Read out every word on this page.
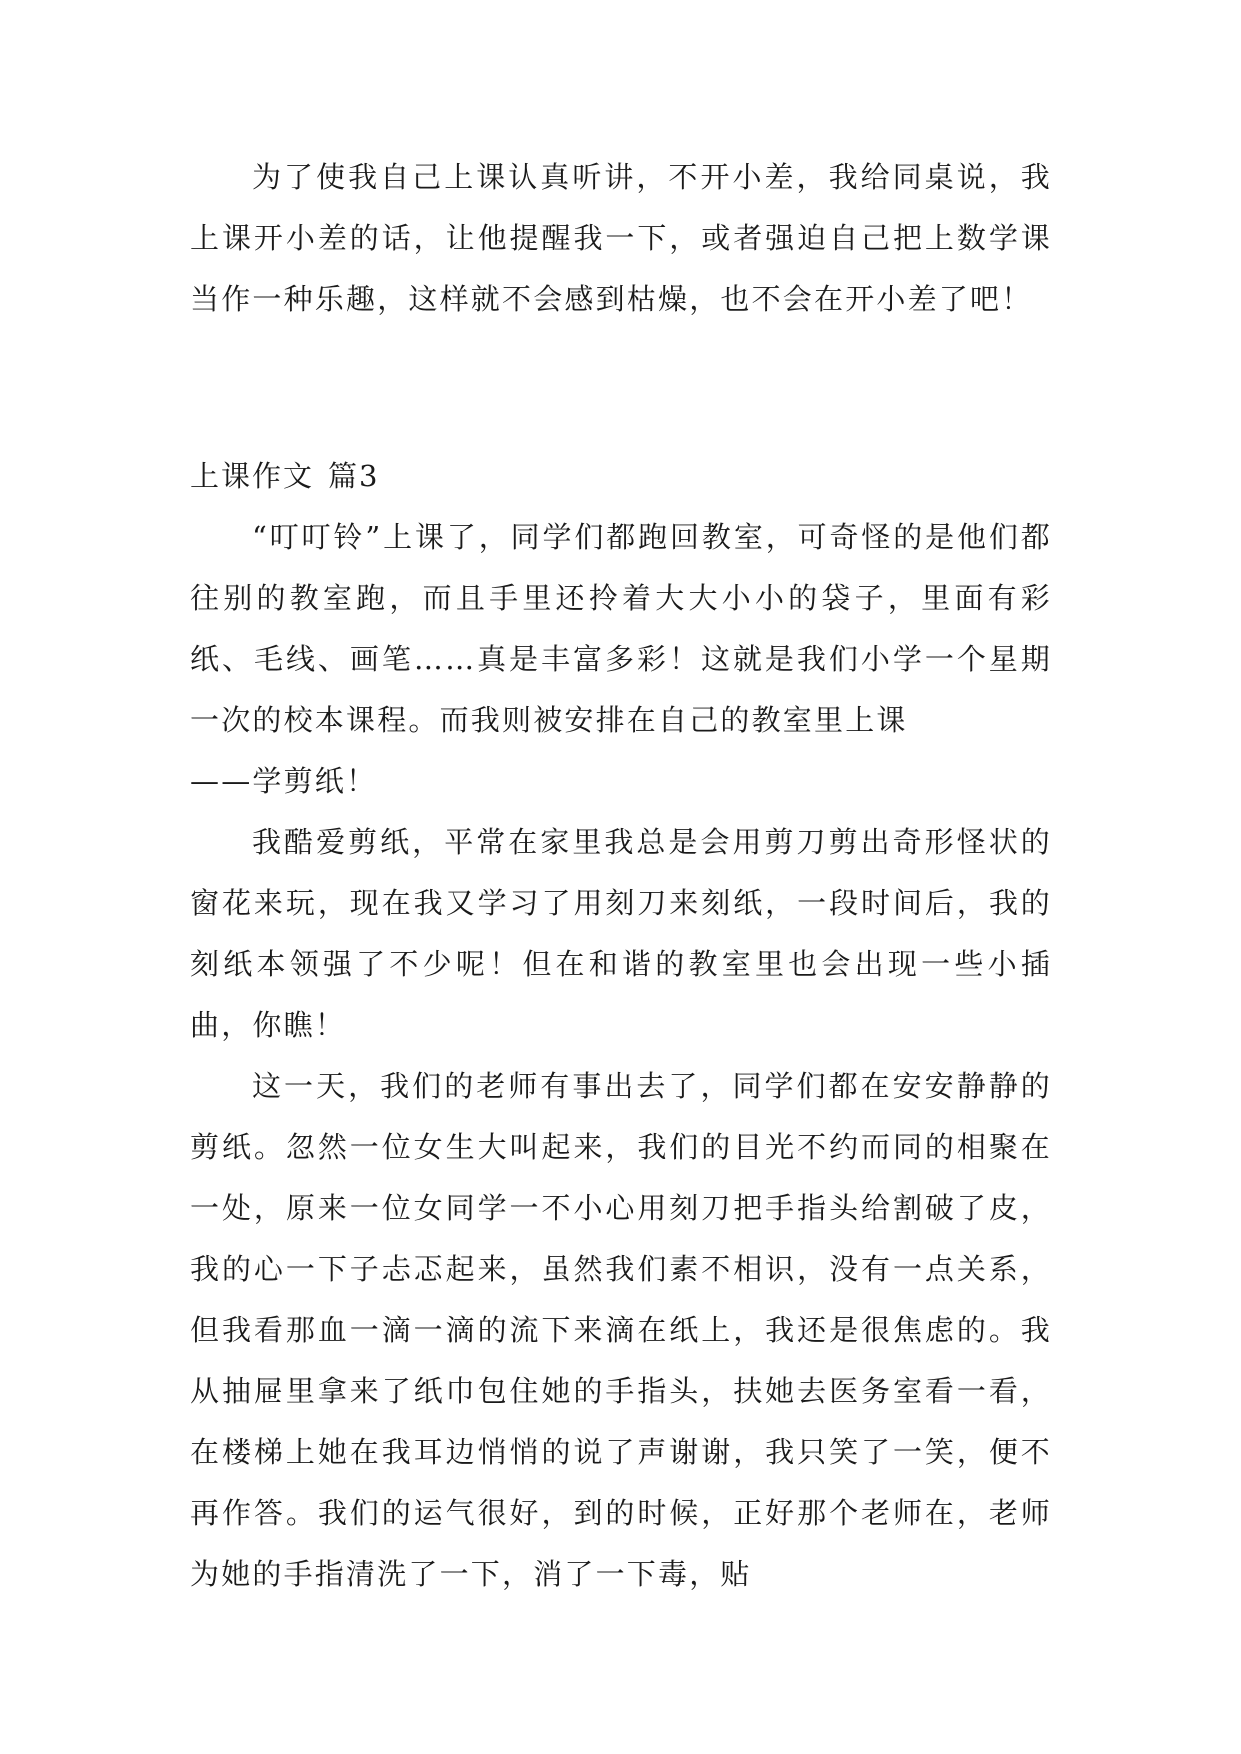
为了使我自己上课认真听讲，不开小差，我给同桌说，我上课开小差的话，让他提醒我一下，或者强迫自己把上数学课当作一种乐趣，这样就不会感到枯燥，也不会在开小差了吧！

上课作文 篇3

“叮叮铃”上课了，同学们都跑回教室，可奇怪的是他们都往别的教室跑，而且手里还拎着大大小小的袋子，里面有彩纸、毛线、画笔……真是丰富多彩！这就是我们小学一个星期一次的校本课程。而我则被安排在自己的教室里上课

——学剪纸！

我酷爱剪纸，平常在家里我总是会用剪刀剪出奇形怪状的窗花来玩，现在我又学习了用刻刀来刻纸，一段时间后，我的刻纸本领强了不少呢！但在和谐的教室里也会出现一些小插曲，你瞧！

这一天，我们的老师有事出去了，同学们都在安安静静的剪纸。忽然一位女生大叫起来，我们的目光不约而同的相聚在一处，原来一位女同学一不小心用刻刀把手指头给割破了皮，我的心一下子忐忑起来，虽然我们素不相识，没有一点关系，但我看那血一滴一滴的流下来滴在纸上，我还是很焦虑的。我从抽屉里拿来了纸巾包住她的手指头，扶她去医务室看一看，在楼梯上她在我耳边悄悄的说了声谢谢，我只笑了一笑，便不再作答。我们的运气很好，到的时候，正好那个老师在，老师为她的手指清洗了一下，消了一下毒，贴
